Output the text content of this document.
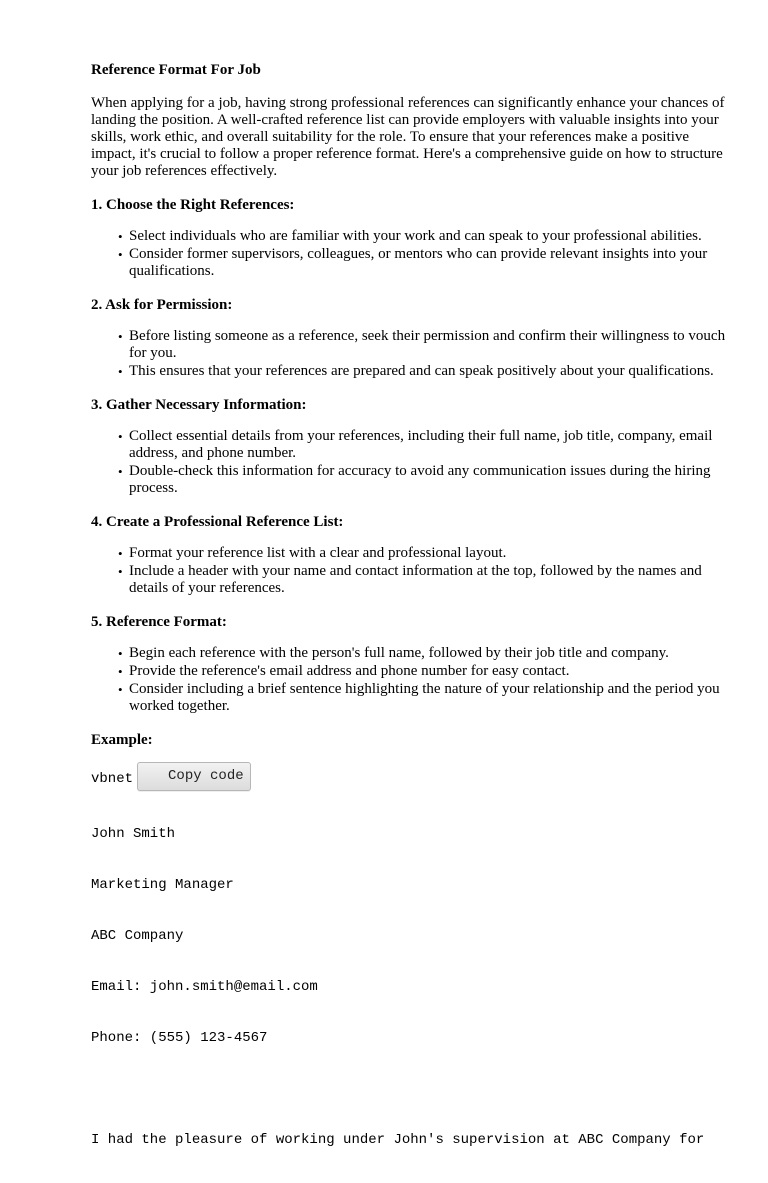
Reference Format For Job

When applying for a job, having strong professional references can significantly enhance your chances of landing the position. A well-crafted reference list can provide employers with valuable insights into your skills, work ethic, and overall suitability for the role. To ensure that your references make a positive impact, it's crucial to follow a proper reference format. Here's a comprehensive guide on how to structure your job references effectively.

1. Choose the Right References:

• Select individuals who are familiar with your work and can speak to your professional abilities.
• Consider former supervisors, colleagues, or mentors who can provide relevant insights into your qualifications.

2. Ask for Permission:

• Before listing someone as a reference, seek their permission and confirm their willingness to vouch for you.
• This ensures that your references are prepared and can speak positively about your qualifications.

3. Gather Necessary Information:

• Collect essential details from your references, including their full name, job title, company, email address, and phone number.
• Double-check this information for accuracy to avoid any communication issues during the hiring process.

4. Create a Professional Reference List:

• Format your reference list with a clear and professional layout.
• Include a header with your name and contact information at the top, followed by the names and details of your references.

5. Reference Format:

• Begin each reference with the person's full name, followed by their job title and company.
• Provide the reference's email address and phone number for easy contact.
• Consider including a brief sentence highlighting the nature of your relationship and the period you worked together.

Example:

vbnet	Copy code

John Smith

Marketing Manager

ABC Company

Email: john.smith@email.com

Phone: (555) 123-4567

I had the pleasure of working under John's supervision at ABC Company for
